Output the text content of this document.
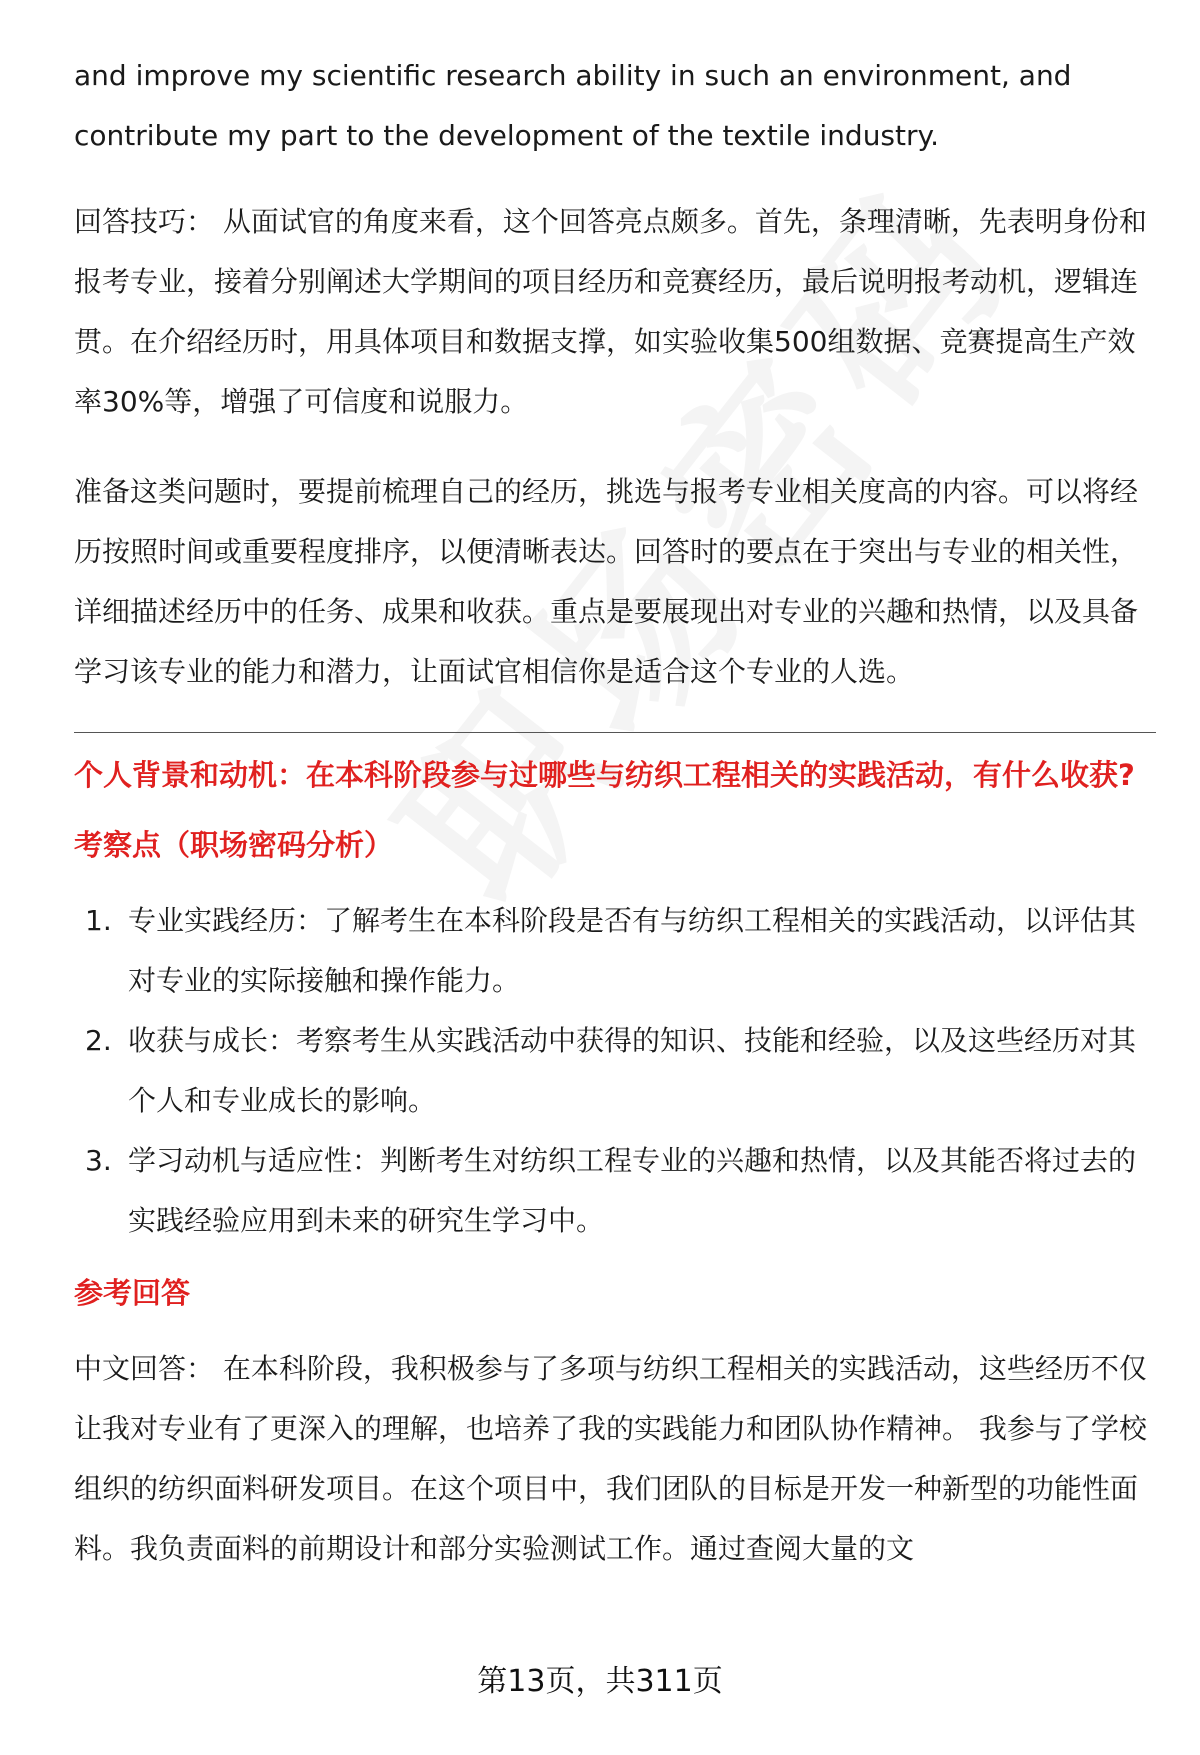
and improve my scientific research ability in such an environment, and contribute my part to the development of the textile industry.

回答技巧： 从面试官的角度来看，这个回答亮点颇多。首先，条理清晰，先表明身份和报考专业，接着分别阐述大学期间的项目经历和竞赛经历，最后说明报考动机，逻辑连贯。在介绍经历时，用具体项目和数据支撑，如实验收集500组数据、竞赛提高生产效率30%等，增强了可信度和说服力。

准备这类问题时，要提前梳理自己的经历，挑选与报考专业相关度高的内容。可以将经历按照时间或重要程度排序，以便清晰表达。回答时的要点在于突出与专业的相关性，详细描述经历中的任务、成果和收获。重点是要展现出对专业的兴趣和热情，以及具备学习该专业的能力和潜力，让面试官相信你是适合这个专业的人选。

个人背景和动机：在本科阶段参与过哪些与纺织工程相关的实践活动，有什么收获?
考察点（职场密码分析）
1. 专业实践经历：了解考生在本科阶段是否有与纺织工程相关的实践活动，以评估其对专业的实际接触和操作能力。
2. 收获与成长：考察考生从实践活动中获得的知识、技能和经验，以及这些经历对其个人和专业成长的影响。
3. 学习动机与适应性：判断考生对纺织工程专业的兴趣和热情，以及其能否将过去的实践经验应用到未来的研究生学习中。
参考回答

中文回答： 在本科阶段，我积极参与了多项与纺织工程相关的实践活动，这些经历不仅让我对专业有了更深入的理解，也培养了我的实践能力和团队协作精神。 我参与了学校组织的纺织面料研发项目。在这个项目中，我们团队的目标是开发一种新型的功能性面料。我负责面料的前期设计和部分实验测试工作。通过查阅大量的文

第13页，共311页
